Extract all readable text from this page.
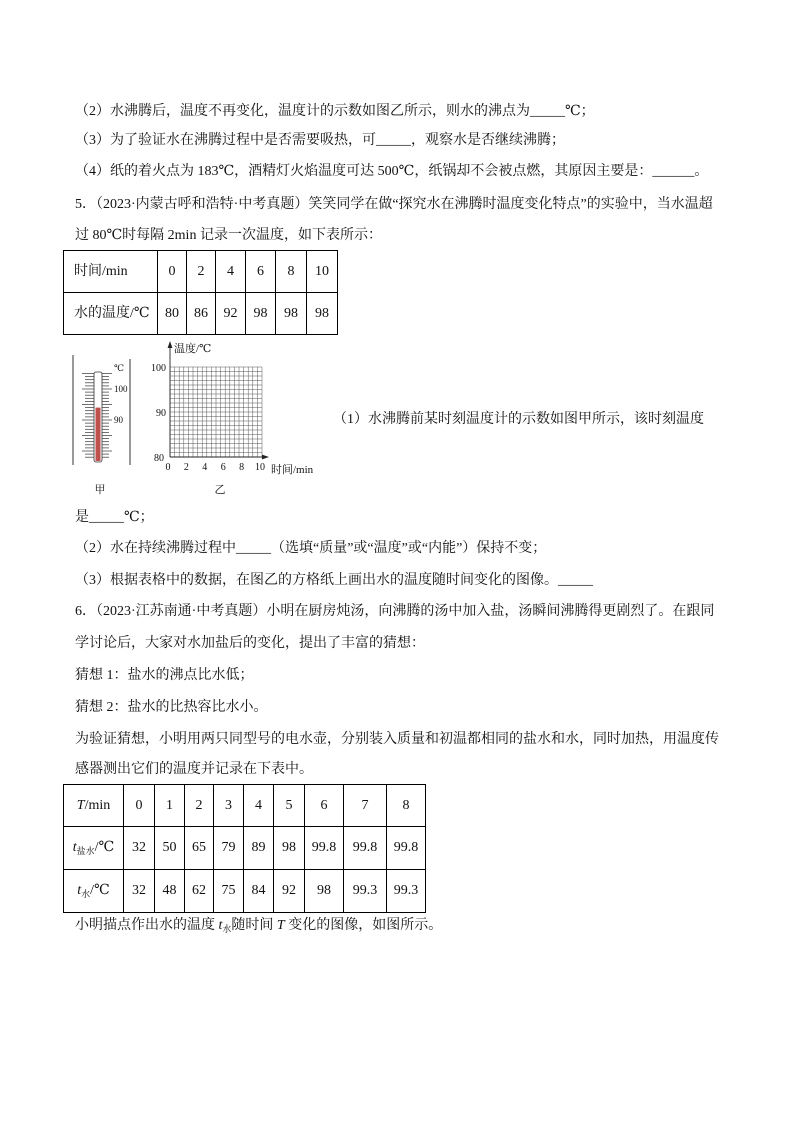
（2）水沸腾后，温度不再变化，温度计的示数如图乙所示，则水的沸点为_____℃；
（3）为了验证水在沸腾过程中是否需要吸热，可_____，观察水是否继续沸腾；
（4）纸的着火点为 183℃，酒精灯火焰温度可达 500℃，纸锅却不会被点燃，其原因主要是：______。
5．（2023·内蒙古呼和浩特·中考真题）笑笑同学在做“探究水在沸腾时温度变化特点”的实验中，当水温超
过 80℃时每隔 2min 记录一次温度，如下表所示：
时间/min	0	2	4	6	8	10
水的温度/℃	80	86	92	98	98	98
℃
100
90
甲
温度/℃
100
90
80
0 2 4 6 8 10 时间/min
乙
（1）水沸腾前某时刻温度计的示数如图甲所示，该时刻温度
是_____℃；
（2）水在持续沸腾过程中_____（选填“质量”或“温度”或“内能”）保持不变；
（3）根据表格中的数据，在图乙的方格纸上画出水的温度随时间变化的图像。_____
6．（2023·江苏南通·中考真题）小明在厨房炖汤，向沸腾的汤中加入盐，汤瞬间沸腾得更剧烈了。在跟同
学讨论后，大家对水加盐后的变化，提出了丰富的猜想：
猜想 1：盐水的沸点比水低；
猜想 2：盐水的比热容比水小。
为验证猜想，小明用两只同型号的电水壶，分别装入质量和初温都相同的盐水和水，同时加热，用温度传
感器测出它们的温度并记录在下表中。
T/min	0	1	2	3	4	5	6	7	8
$t_{盐水}/℃$	32	50	65	79	89	98	99.8	99.8	99.8
$t_水/℃$	32	48	62	75	84	92	98	99.3	99.3
小明描点作出水的温度 $t_水$随时间 T 变化的图像，如图所示。
